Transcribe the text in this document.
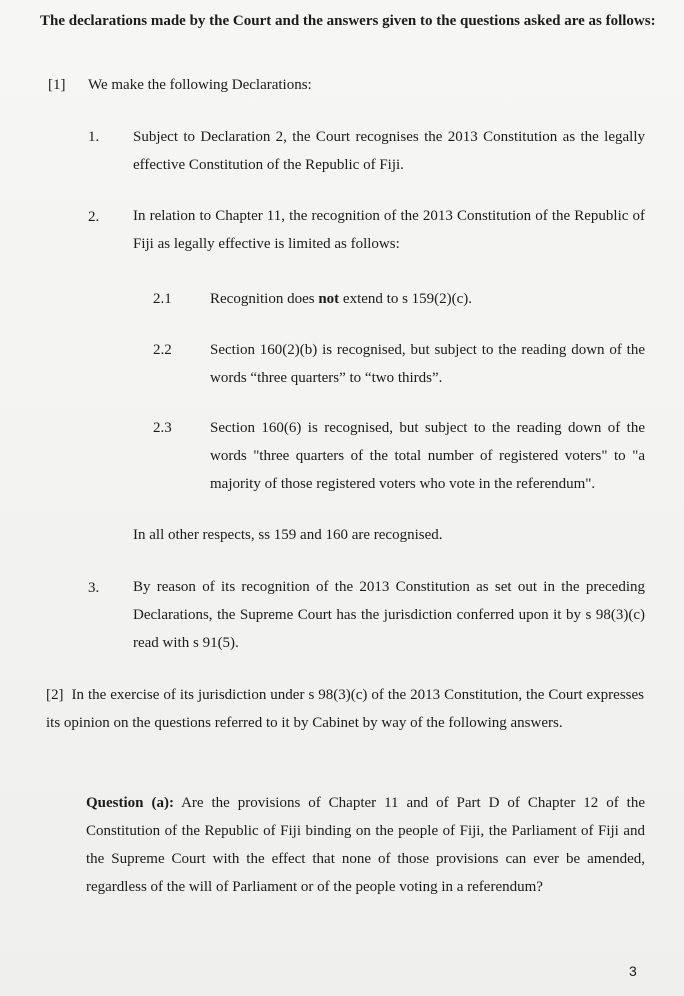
The declarations made by the Court and the answers given to the questions asked are as follows:
[1] We make the following Declarations:
1. Subject to Declaration 2, the Court recognises the 2013 Constitution as the legally effective Constitution of the Republic of Fiji.
2. In relation to Chapter 11, the recognition of the 2013 Constitution of the Republic of Fiji as legally effective is limited as follows:
2.1	Recognition does not extend to s 159(2)(c).
2.2	Section 160(2)(b) is recognised, but subject to the reading down of the words “three quarters” to “two thirds”.
2.3	Section 160(6) is recognised, but subject to the reading down of the words "three quarters of the total number of registered voters" to "a majority of those registered voters who vote in the referendum".
In all other respects, ss 159 and 160 are recognised.
3. By reason of its recognition of the 2013 Constitution as set out in the preceding Declarations, the Supreme Court has the jurisdiction conferred upon it by s 98(3)(c) read with s 91(5).
[2] In the exercise of its jurisdiction under s 98(3)(c) of the 2013 Constitution, the Court expresses its opinion on the questions referred to it by Cabinet by way of the following answers.
Question (a): Are the provisions of Chapter 11 and of Part D of Chapter 12 of the Constitution of the Republic of Fiji binding on the people of Fiji, the Parliament of Fiji and the Supreme Court with the effect that none of those provisions can ever be amended, regardless of the will of Parliament or of the people voting in a referendum?
3
